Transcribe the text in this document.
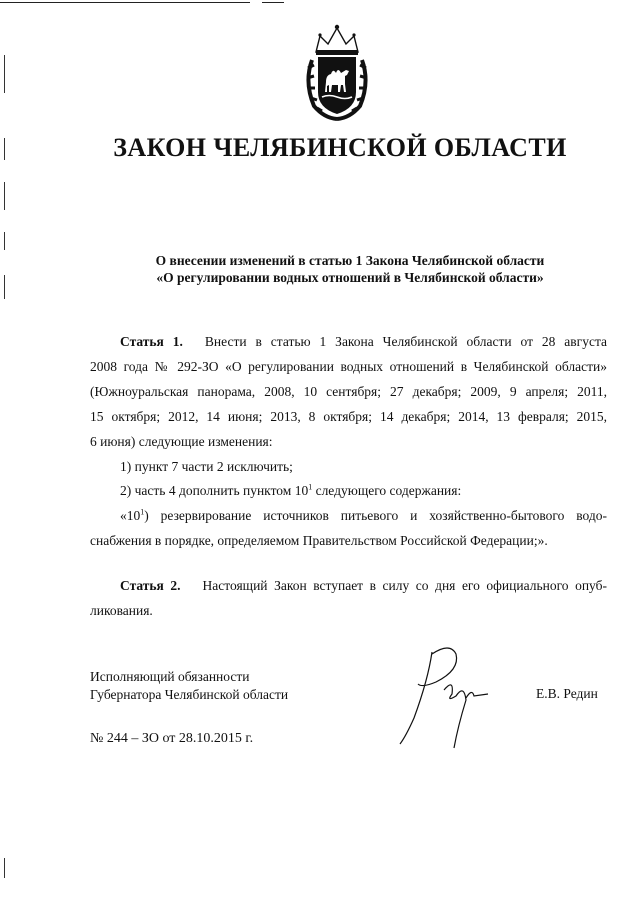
ЗАКОН ЧЕЛЯБИНСКОЙ ОБЛАСТИ
О внесении изменений в статью 1 Закона Челябинской области
«О регулировании водных отношений в Челябинской области»
Статья 1. Внести в статью 1 Закона Челябинской области от 28 августа
2008 года № 292-ЗО «О регулировании водных отношений в Челябинской области»
(Южноуральская панорама, 2008, 10 сентября; 27 декабря; 2009, 9 апреля; 2011,
15 октября; 2012, 14 июня; 2013, 8 октября; 14 декабря; 2014, 13 февраля; 2015,
6 июня) следующие изменения:
1) пункт 7 части 2 исключить;
2) часть 4 дополнить пунктом $10^1$ следующего содержания:
«$10^1$) резервирование источников питьевого и хозяйственно-бытового водо-
снабжения в порядке, определяемом Правительством Российской Федерации;».
Статья 2. Настоящий Закон вступает в силу со дня его официального опуб-
ликования.
Исполняющий обязанности
Губернатора Челябинской области	Е.В. Редин
№ 244 – ЗО от 28.10.2015 г.
